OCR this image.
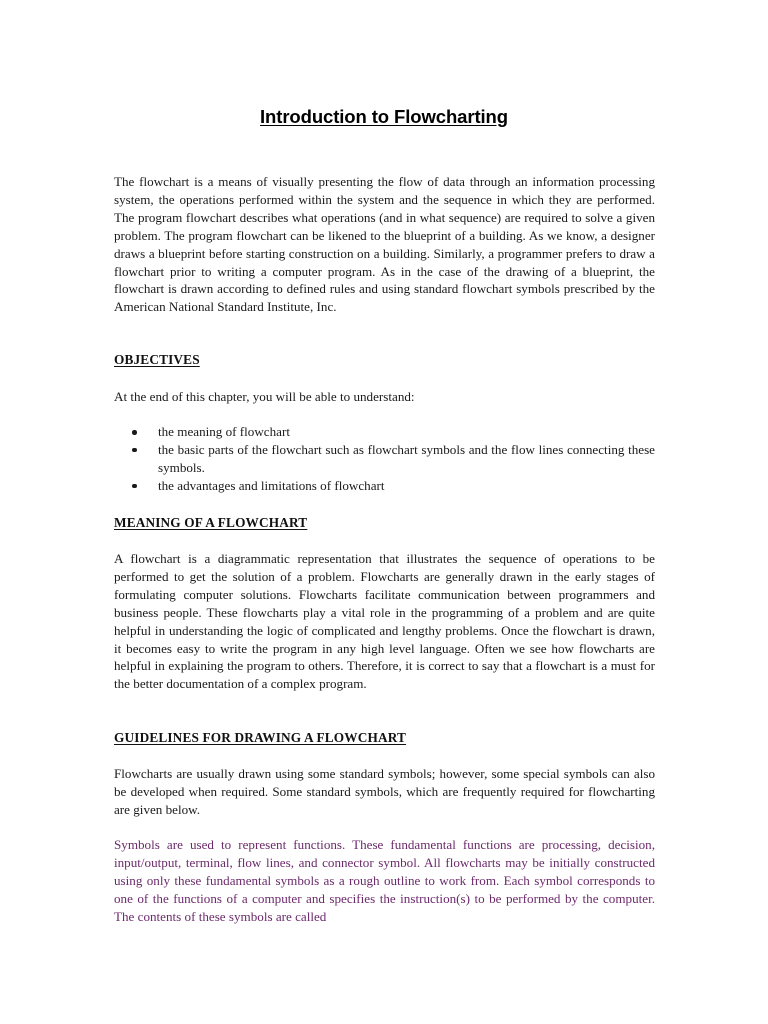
Introduction to Flowcharting

The flowchart is a means of visually presenting the flow of data through an information processing system, the operations performed within the system and the sequence in which they are performed. The program flowchart describes what operations (and in what sequence) are required to solve a given problem. The program flowchart can be likened to the blueprint of a building. As we know, a designer draws a blueprint before starting construction on a building. Similarly, a programmer prefers to draw a flowchart prior to writing a computer program. As in the case of the drawing of a blueprint, the flowchart is drawn according to defined rules and using standard flowchart symbols prescribed by the American National Standard Institute, Inc.

OBJECTIVES

At the end of this chapter, you will be able to understand:

the meaning of flowchart
the basic parts of the flowchart such as flowchart symbols and the flow lines connecting these symbols.
the advantages and limitations of flowchart

MEANING OF A FLOWCHART

A flowchart is a diagrammatic representation that illustrates the sequence of operations to be performed to get the solution of a problem. Flowcharts are generally drawn in the early stages of formulating computer solutions. Flowcharts facilitate communication between programmers and business people. These flowcharts play a vital role in the programming of a problem and are quite helpful in understanding the logic of complicated and lengthy problems. Once the flowchart is drawn, it becomes easy to write the program in any high level language. Often we see how flowcharts are helpful in explaining the program to others. Therefore, it is correct to say that a flowchart is a must for the better documentation of a complex program.

GUIDELINES FOR DRAWING A FLOWCHART

Flowcharts are usually drawn using some standard symbols; however, some special symbols can also be developed when required. Some standard symbols, which are frequently required for flowcharting are given below.

Symbols are used to represent functions. These fundamental functions are processing, decision, input/output, terminal, flow lines, and connector symbol. All flowcharts may be initially constructed using only these fundamental symbols as a rough outline to work from. Each symbol corresponds to one of the functions of a computer and specifies the instruction(s) to be performed by the computer. The contents of these symbols are called
